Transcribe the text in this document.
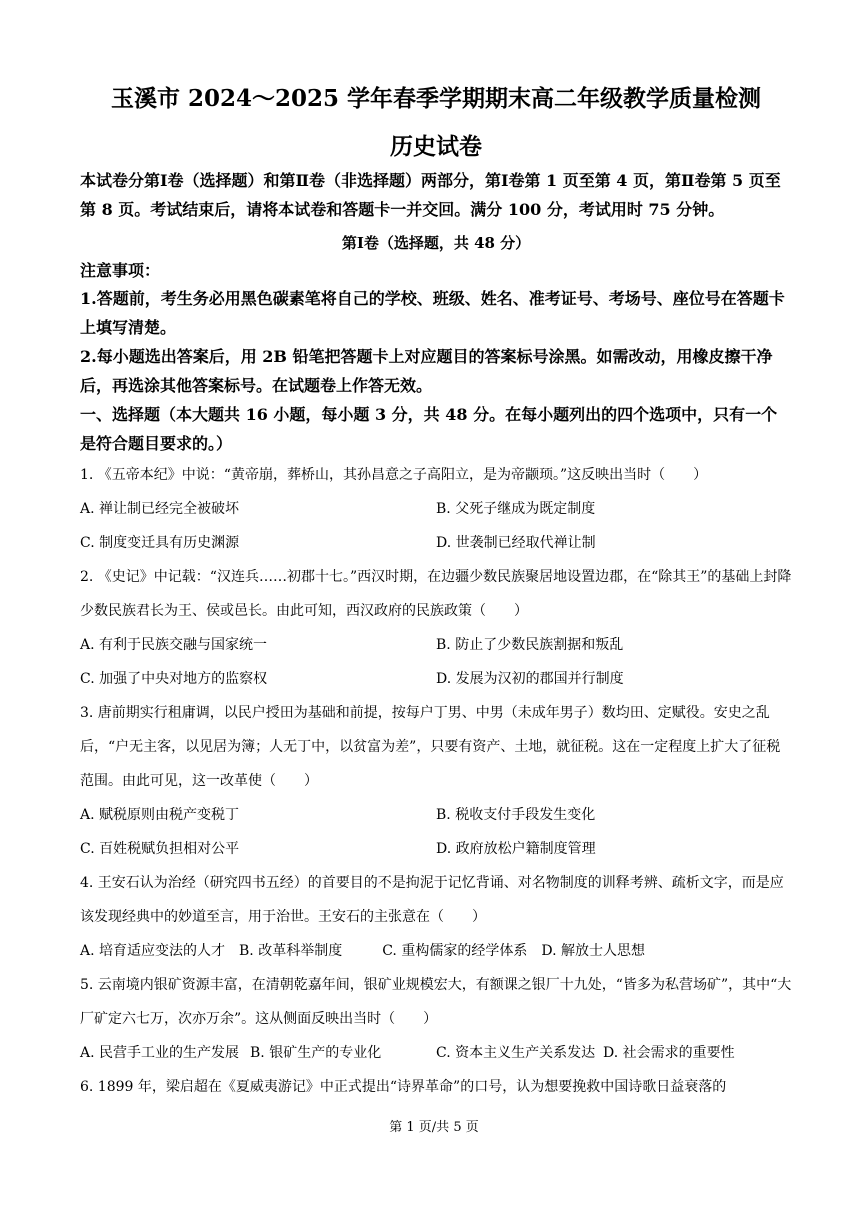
玉溪市 2024～2025 学年春季学期期末高二年级教学质量检测
历史试卷
本试卷分第Ⅰ卷（选择题）和第Ⅱ卷（非选择题）两部分，第Ⅰ卷第 1 页至第 4 页，第Ⅱ卷第 5 页至第 8 页。考试结束后，请将本试卷和答题卡一并交回。满分 100 分，考试用时 75 分钟。
第Ⅰ卷（选择题，共 48 分）
注意事项：
1.答题前，考生务必用黑色碳素笔将自己的学校、班级、姓名、准考证号、考场号、座位号在答题卡上填写清楚。
2.每小题选出答案后，用 2B 铅笔把答题卡上对应题目的答案标号涂黑。如需改动，用橡皮擦干净后，再选涂其他答案标号。在试题卷上作答无效。
一、选择题（本大题共 16 小题，每小题 3 分，共 48 分。在每小题列出的四个选项中，只有一个是符合题目要求的。）
1. 《五帝本纪》中说：“黄帝崩，葬桥山，其孙昌意之子高阳立，是为帝颛顼。”这反映出当时（　　）
A. 禅让制已经完全被破坏	B. 父死子继成为既定制度
C. 制度变迁具有历史渊源	D. 世袭制已经取代禅让制
2. 《史记》中记载：“汉连兵……初郡十七。”西汉时期，在边疆少数民族聚居地设置边郡，在“除其王”的基础上封降少数民族君长为王、侯或邑长。由此可知，西汉政府的民族政策（　　）
A. 有利于民族交融与国家统一	B. 防止了少数民族割据和叛乱
C. 加强了中央对地方的监察权	D. 发展为汉初的郡国并行制度
3. 唐前期实行租庸调，以民户授田为基础和前提，按每户丁男、中男（未成年男子）数均田、定赋役。安史之乱后，“户无主客，以见居为簿；人无丁中，以贫富为差”，只要有资产、土地，就征税。这在一定程度上扩大了征税范围。由此可见，这一改革使（　　）
A. 赋税原则由税产变税丁	B. 税收支付手段发生变化
C. 百姓税赋负担相对公平	D. 政府放松户籍制度管理
4. 王安石认为治经（研究四书五经）的首要目的不是拘泥于记忆背诵、对名物制度的训释考辨、疏析文字，而是应该发现经典中的妙道至言，用于治世。王安石的主张意在（　　）
A. 培育适应变法的人才 B. 改革科举制度	C. 重构儒家的经学体系 D. 解放士人思想
5. 云南境内银矿资源丰富，在清朝乾嘉年间，银矿业规模宏大，有额课之银厂十九处，“皆多为私营场矿”，其中“大厂矿定六七万，次亦万余”。这从侧面反映出当时（　　）
A. 民营手工业的生产发展 B. 银矿生产的专业化	C. 资本主义生产关系发达 D. 社会需求的重要性
6. 1899 年，梁启超在《夏威夷游记》中正式提出“诗界革命”的口号，认为想要挽救中国诗歌日益衰落的
第 1 页/共 5 页
